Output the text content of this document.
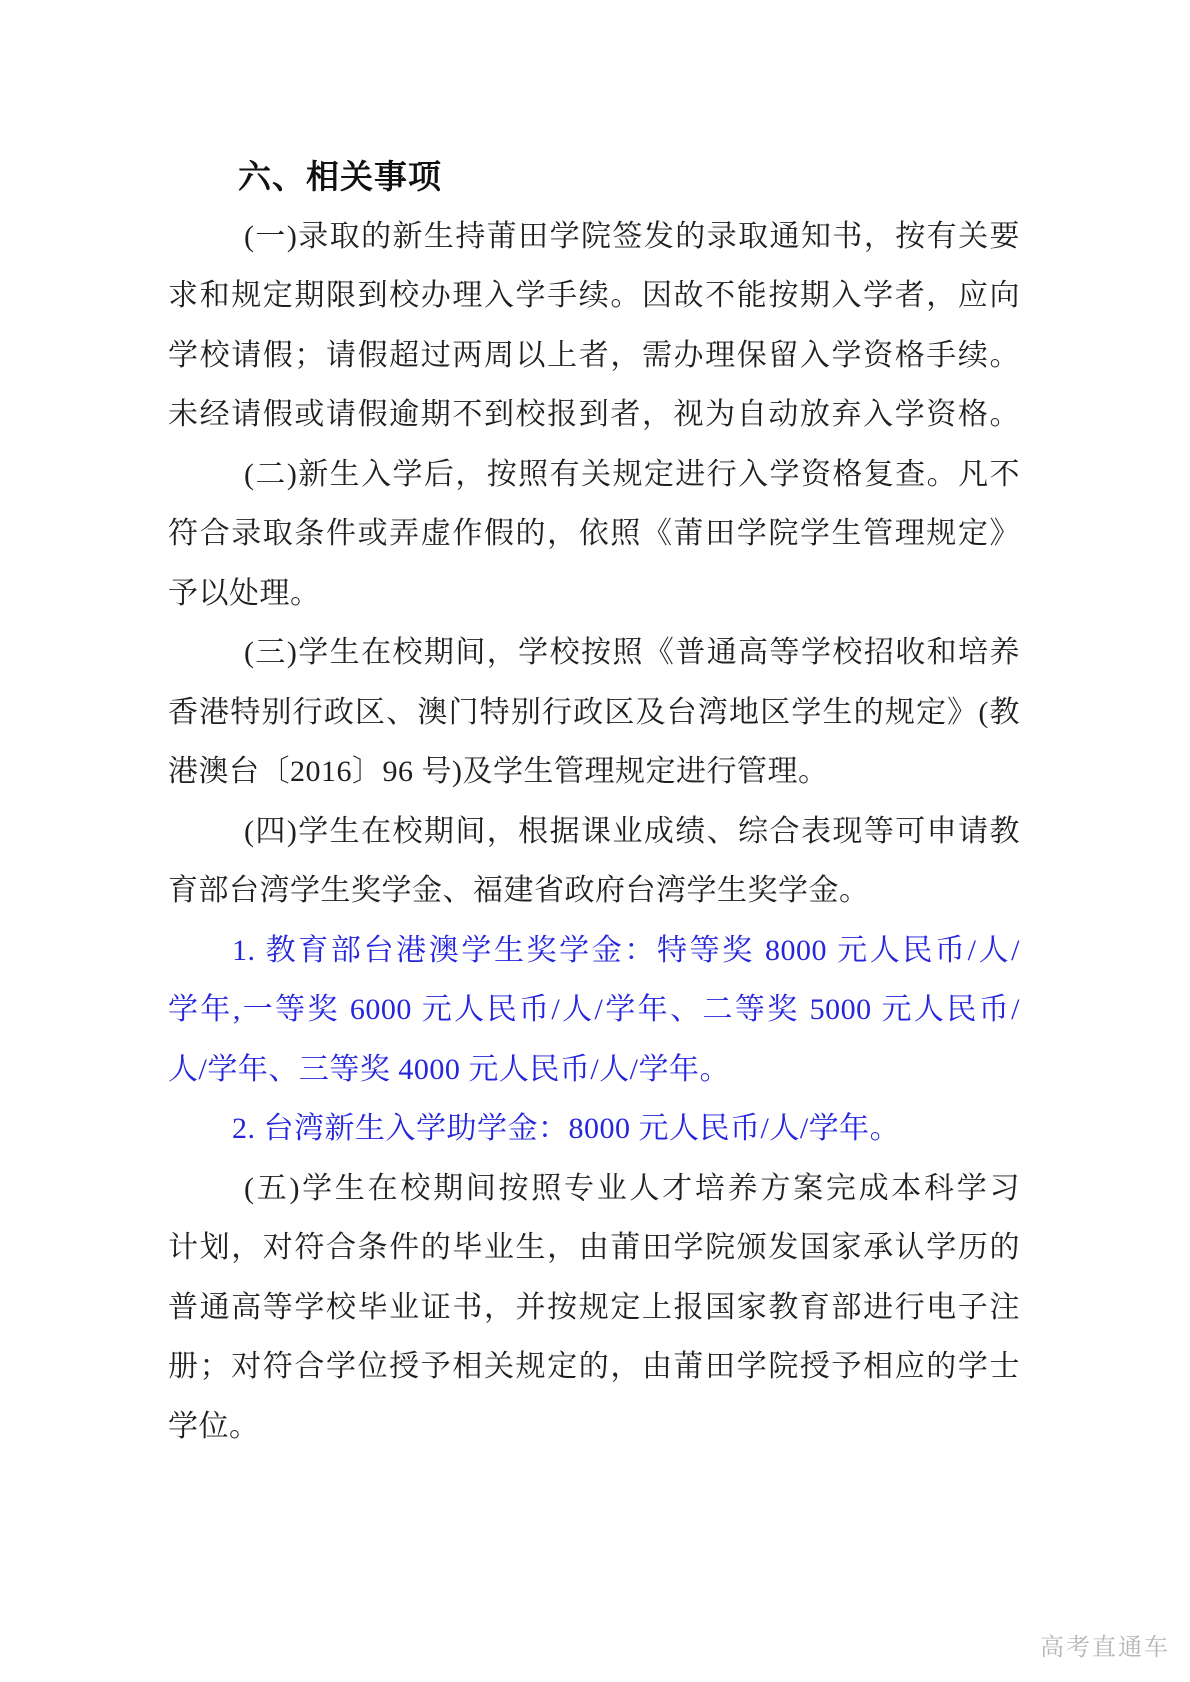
六、相关事项
(一)录取的新生持莆田学院签发的录取通知书，按有关要
求和规定期限到校办理入学手续。因故不能按期入学者，应向
学校请假；请假超过两周以上者，需办理保留入学资格手续。
未经请假或请假逾期不到校报到者，视为自动放弃入学资格。
(二)新生入学后，按照有关规定进行入学资格复查。凡不
符合录取条件或弄虚作假的，依照《莆田学院学生管理规定》
予以处理。
(三)学生在校期间，学校按照《普通高等学校招收和培养
香港特别行政区、澳门特别行政区及台湾地区学生的规定》(教
港澳台〔2016〕96 号)及学生管理规定进行管理。
(四)学生在校期间，根据课业成绩、综合表现等可申请教
育部台湾学生奖学金、福建省政府台湾学生奖学金。
1. 教育部台港澳学生奖学金：特等奖 8000 元人民币/人/
学年,一等奖 6000 元人民币/人/学年、二等奖 5000 元人民币/
人/学年、三等奖 4000 元人民币/人/学年。
2. 台湾新生入学助学金：8000 元人民币/人/学年。
(五)学生在校期间按照专业人才培养方案完成本科学习
计划，对符合条件的毕业生，由莆田学院颁发国家承认学历的
普通高等学校毕业证书，并按规定上报国家教育部进行电子注
册；对符合学位授予相关规定的，由莆田学院授予相应的学士
学位。
高考直通车
